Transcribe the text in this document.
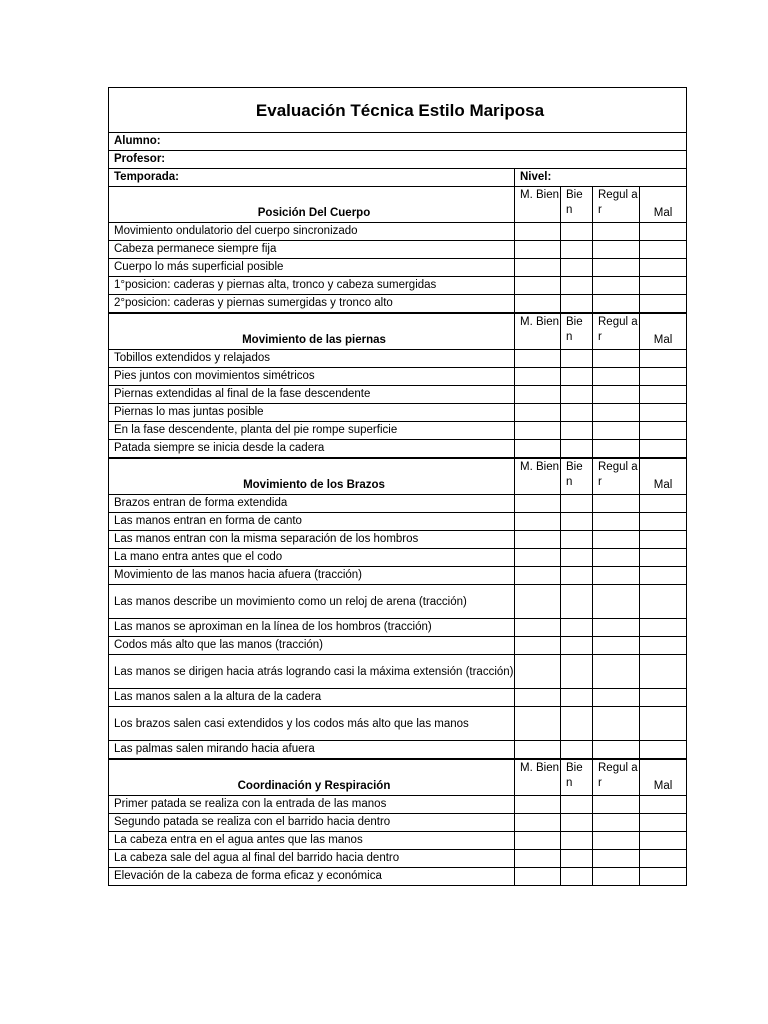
Evaluación Técnica Estilo Mariposa				
Alumno:				
Profesor:				
Temporada:	Nivel:			
Posición Del Cuerpo	M. Bien	Bie n	Regul ar	Mal
Movimiento ondulatorio del cuerpo sincronizado				
Cabeza permanece siempre fija				
Cuerpo lo más superficial posible				
1°posicion: caderas y piernas alta, tronco y cabeza sumergidas				
2°posicion: caderas y piernas sumergidas y tronco alto				
Movimiento de las piernas	M. Bien	Bie n	Regul ar	Mal
Tobillos extendidos y relajados				
Pies juntos con movimientos simétricos				
Piernas extendidas al final de la fase descendente				
Piernas lo mas juntas posible				
En la fase descendente, planta del pie rompe superficie				
Patada siempre se inicia desde la cadera				
Movimiento de los Brazos	M. Bien	Bie n	Regul ar	Mal
Brazos entran de forma extendida				
Las manos entran en forma de canto				
Las manos entran con la misma separación de los hombros				
La mano entra antes que el codo				
Movimiento de las manos hacia afuera (tracción)				
Las manos describe un movimiento como un reloj de arena (tracción)				
Las manos se aproximan en la línea de los hombros (tracción)				
Codos más alto que las manos (tracción)				
Las manos se dirigen hacia atrás logrando casi la máxima extensión (tracción)				
Las manos salen a la altura de la cadera				
Los brazos salen casi extendidos y los codos más alto que las manos				
Las palmas salen mirando hacia afuera				
Coordinación y Respiración	M. Bien	Bie n	Regul ar	Mal
Primer patada se realiza con la entrada de las manos				
Segundo patada se realiza con el barrido hacia dentro				
La cabeza entra en el agua antes que las manos				
La cabeza sale del agua al final del barrido hacia dentro				
Elevación de la cabeza de forma eficaz y económica				
